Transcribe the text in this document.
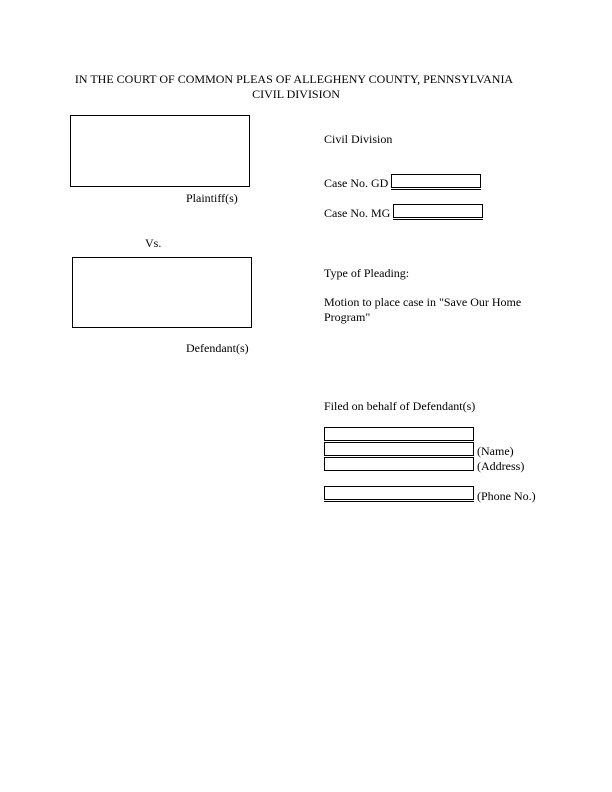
IN THE COURT OF COMMON PLEAS OF ALLEGHENY COUNTY, PENNSYLVANIA
CIVIL DIVISION
Plaintiff(s)
Vs.
Defendant(s)
Civil Division
Case No. GD
Case No. MG
Type of Pleading:
Motion to place case in "Save Our Home
Program"
Filed on behalf of Defendant(s)
(Name)
(Address)
(Phone No.)
